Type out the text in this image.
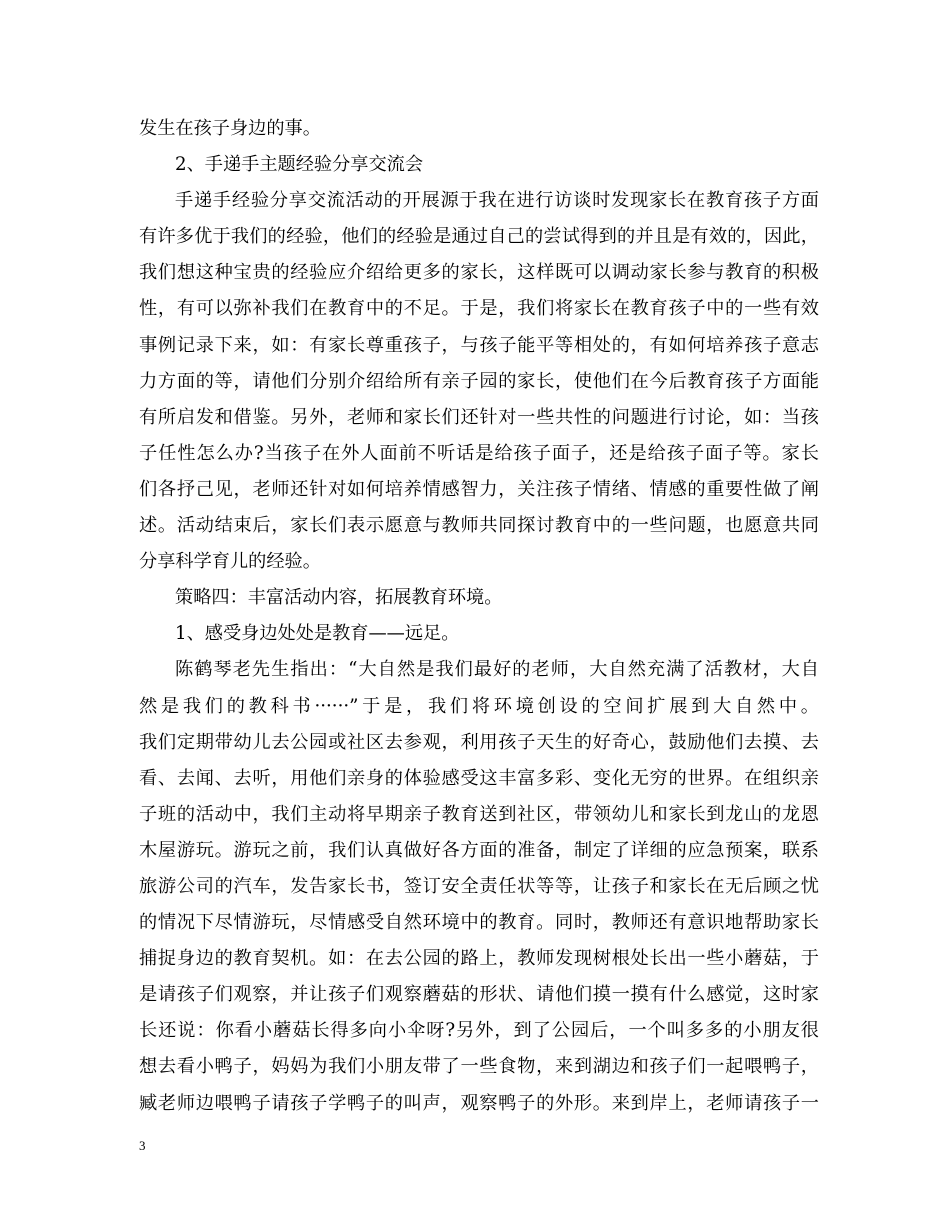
发生在孩子身边的事。
2、手递手主题经验分享交流会
手递手经验分享交流活动的开展源于我在进行访谈时发现家长在教育孩子方面
有许多优于我们的经验，他们的经验是通过自己的尝试得到的并且是有效的，因此，
我们想这种宝贵的经验应介绍给更多的家长，这样既可以调动家长参与教育的积极
性，有可以弥补我们在教育中的不足。于是，我们将家长在教育孩子中的一些有效
事例记录下来，如：有家长尊重孩子，与孩子能平等相处的，有如何培养孩子意志
力方面的等，请他们分别介绍给所有亲子园的家长，使他们在今后教育孩子方面能
有所启发和借鉴。另外，老师和家长们还针对一些共性的问题进行讨论，如：当孩
子任性怎么办?当孩子在外人面前不听话是给孩子面子，还是给孩子面子等。家长
们各抒己见，老师还针对如何培养情感智力，关注孩子情绪、情感的重要性做了阐
述。活动结束后，家长们表示愿意与教师共同探讨教育中的一些问题，也愿意共同
分享科学育儿的经验。
策略四：丰富活动内容，拓展教育环境。
1、感受身边处处是教育——远足。
陈鹤琴老先生指出：“大自然是我们最好的老师，大自然充满了活教材，大自
然是我们的教科书······”于是，我们将环境创设的空间扩展到大自然中。
我们定期带幼儿去公园或社区去参观，利用孩子天生的好奇心，鼓励他们去摸、去
看、去闻、去听，用他们亲身的体验感受这丰富多彩、变化无穷的世界。在组织亲
子班的活动中，我们主动将早期亲子教育送到社区，带领幼儿和家长到龙山的龙恩
木屋游玩。游玩之前，我们认真做好各方面的准备，制定了详细的应急预案，联系
旅游公司的汽车，发告家长书，签订安全责任状等等，让孩子和家长在无后顾之忧
的情况下尽情游玩，尽情感受自然环境中的教育。同时，教师还有意识地帮助家长
捕捉身边的教育契机。如：在去公园的路上，教师发现树根处长出一些小蘑菇，于
是请孩子们观察，并让孩子们观察蘑菇的形状、请他们摸一摸有什么感觉，这时家
长还说：你看小蘑菇长得多向小伞呀?另外，到了公园后，一个叫多多的小朋友很
想去看小鸭子，妈妈为我们小朋友带了一些食物，来到湖边和孩子们一起喂鸭子，
臧老师边喂鸭子请孩子学鸭子的叫声，观察鸭子的外形。来到岸上，老师请孩子一
3
